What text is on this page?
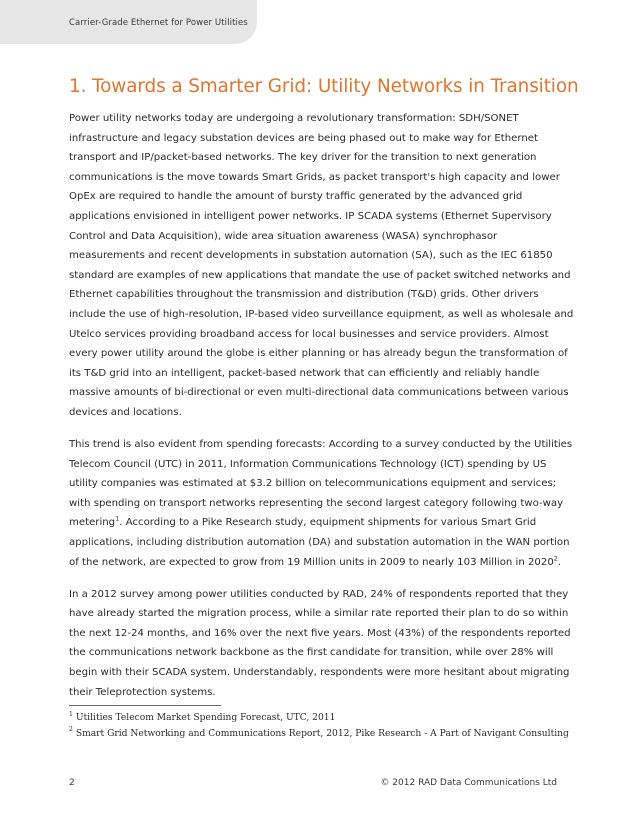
Carrier-Grade Ethernet for Power Utilities
1. Towards a Smarter Grid: Utility Networks in Transition

Power utility networks today are undergoing a revolutionary transformation: SDH/SONET infrastructure and legacy substation devices are being phased out to make way for Ethernet transport and IP/packet-based networks. The key driver for the transition to next generation communications is the move towards Smart Grids, as packet transport's high capacity and lower OpEx are required to handle the amount of bursty traffic generated by the advanced grid applications envisioned in intelligent power networks. IP SCADA systems (Ethernet Supervisory Control and Data Acquisition), wide area situation awareness (WASA) synchrophasor measurements and recent developments in substation automation (SA), such as the IEC 61850 standard are examples of new applications that mandate the use of packet switched networks and Ethernet capabilities throughout the transmission and distribution (T&D) grids. Other drivers include the use of high-resolution, IP-based video surveillance equipment, as well as wholesale and Utelco services providing broadband access for local businesses and service providers. Almost every power utility around the globe is either planning or has already begun the transformation of its T&D grid into an intelligent, packet-based network that can efficiently and reliably handle massive amounts of bi-directional or even multi-directional data communications between various devices and locations.

This trend is also evident from spending forecasts: According to a survey conducted by the Utilities Telecom Council (UTC) in 2011, Information Communications Technology (ICT) spending by US utility companies was estimated at $3.2 billion on telecommunications equipment and services; with spending on transport networks representing the second largest category following two-way metering$^1$. According to a Pike Research study, equipment shipments for various Smart Grid applications, including distribution automation (DA) and substation automation in the WAN portion of the network, are expected to grow from 19 Million units in 2009 to nearly 103 Million in 2020$^2$.

In a 2012 survey among power utilities conducted by RAD, 24% of respondents reported that they have already started the migration process, while a similar rate reported their plan to do so within the next 12-24 months, and 16% over the next five years. Most (43%) of the respondents reported the communications network backbone as the first candidate for transition, while over 28% will begin with their SCADA system. Understandably, respondents were more hesitant about migrating their Teleprotection systems.

$^1$ Utilities Telecom Market Spending Forecast, UTC, 2011
$^2$ Smart Grid Networking and Communications Report, 2012, Pike Research - A Part of Navigant Consulting
2	© 2012 RAD Data Communications Ltd
